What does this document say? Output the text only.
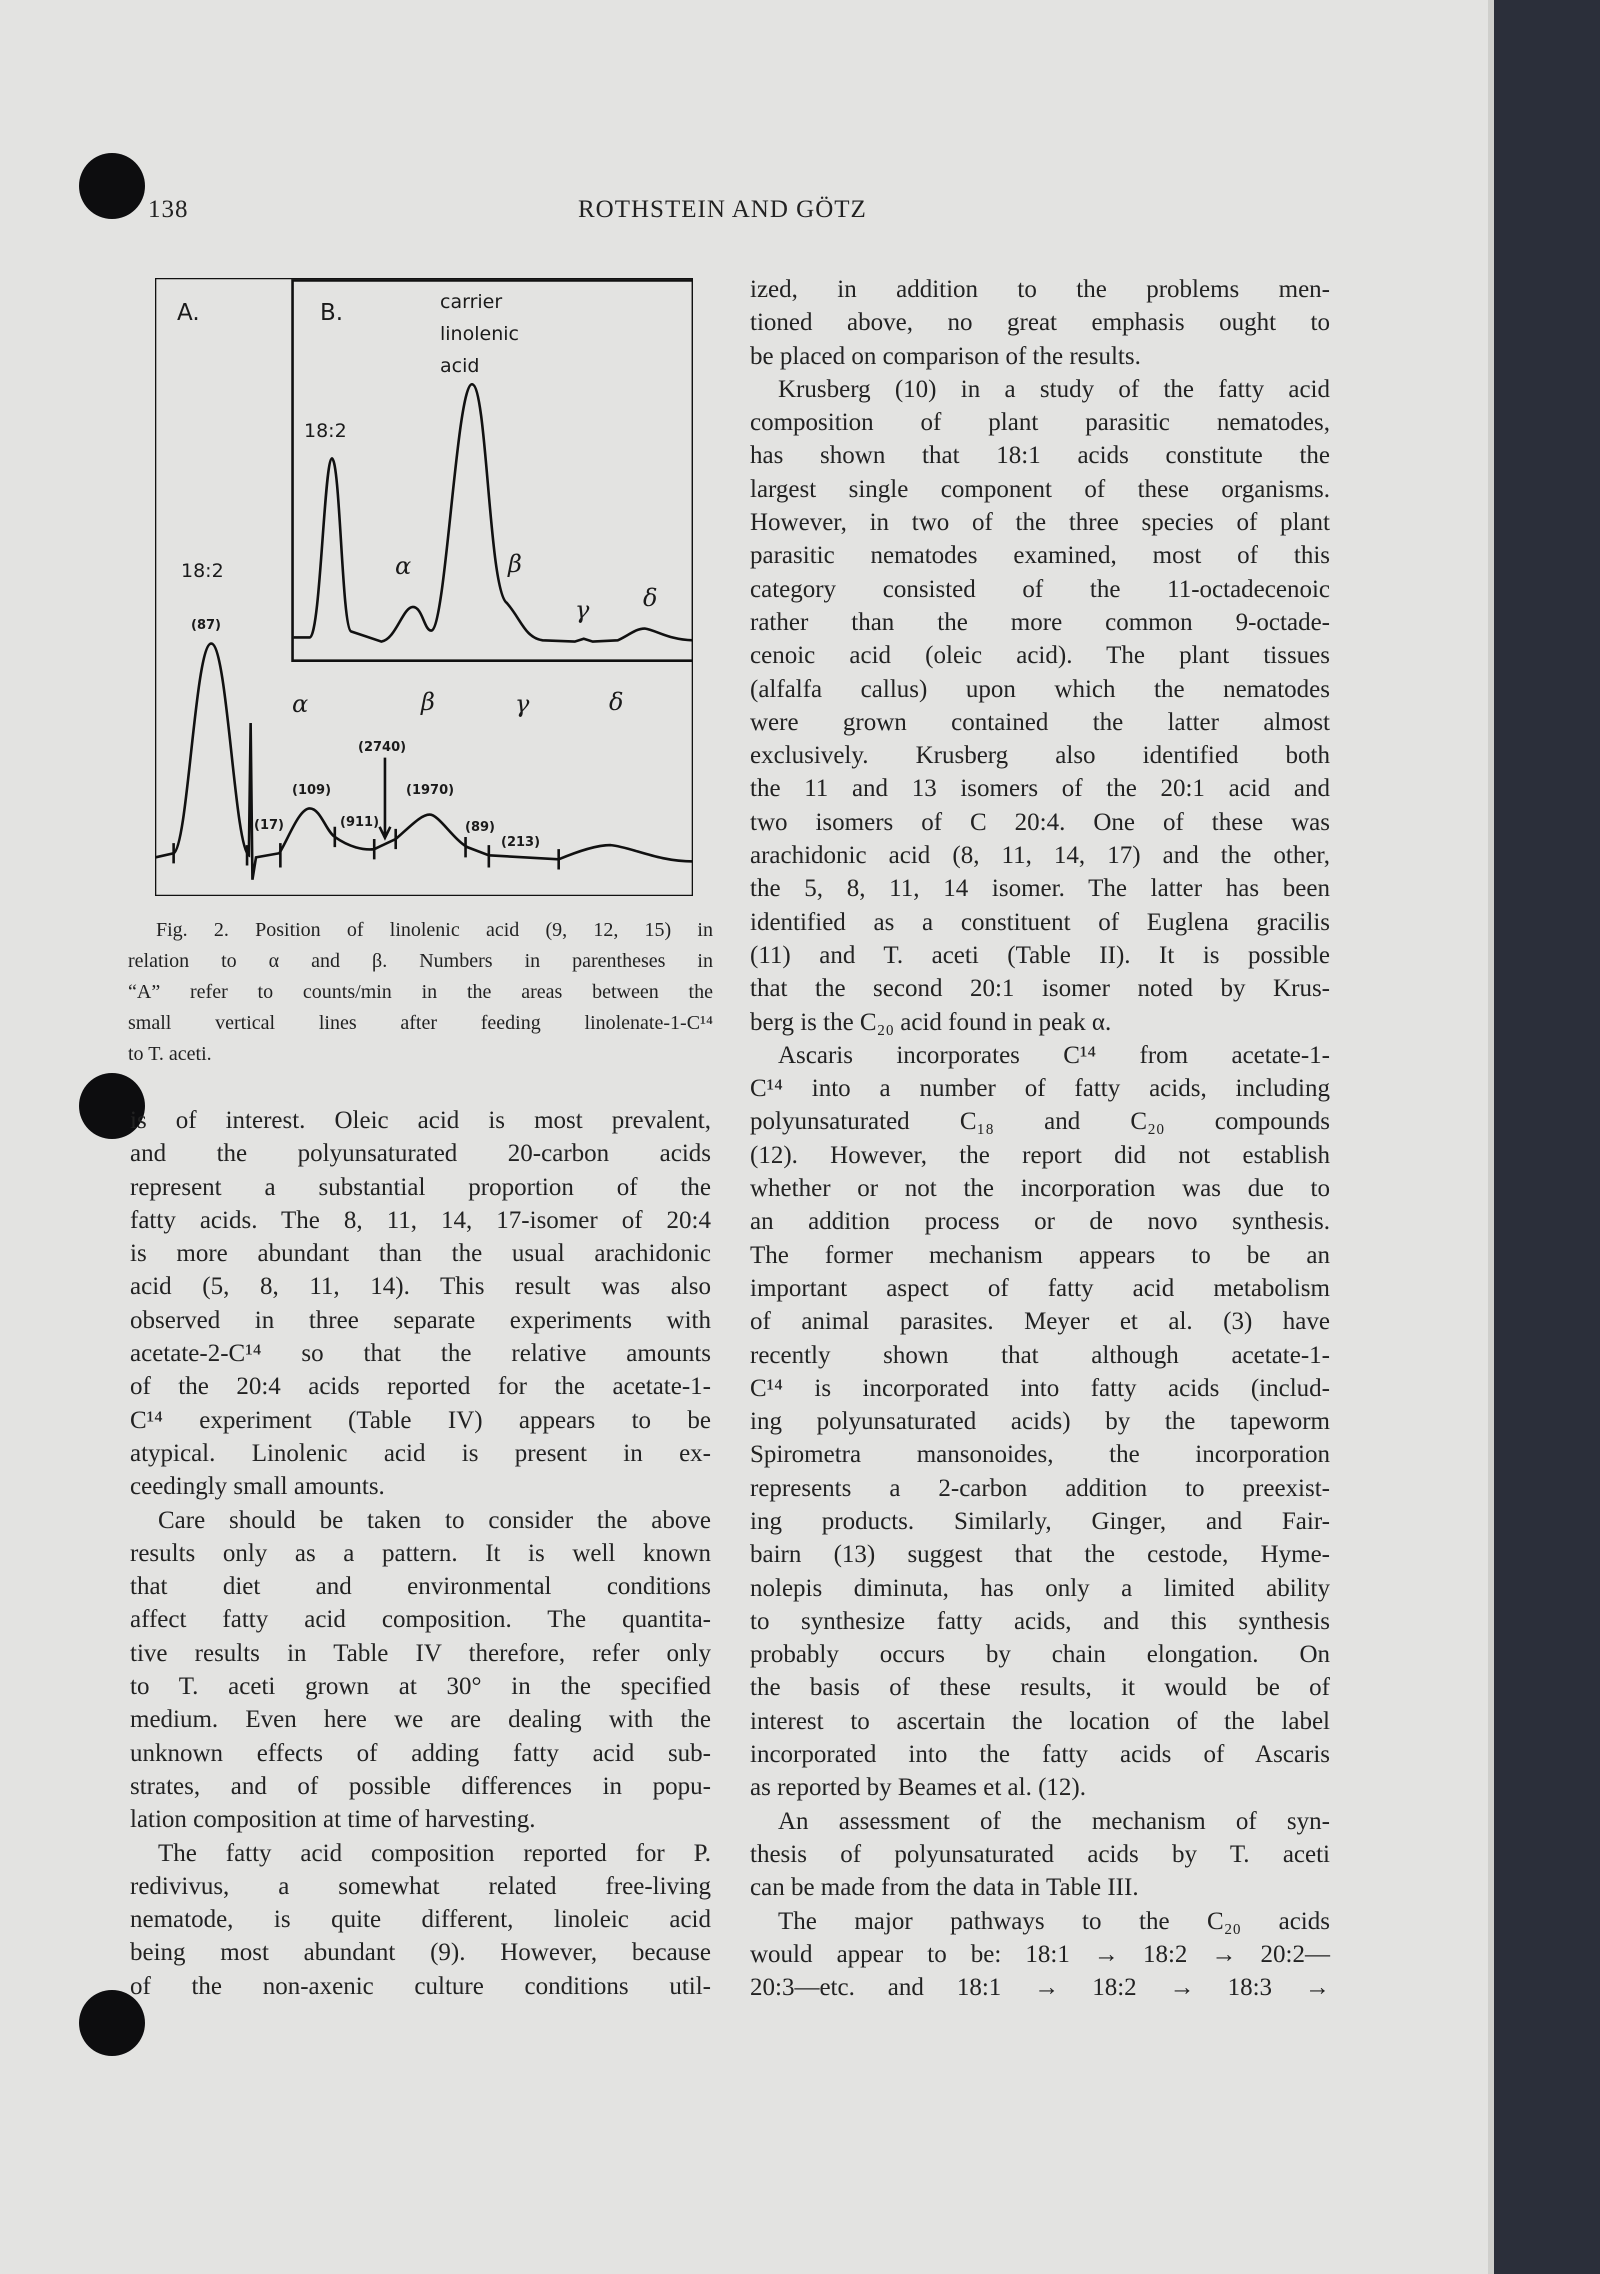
138	ROTHSTEIN AND GÖTZ
A.	B.	carrier
linolenic
acid
18:2
α	β
γ δ
18:2
(87)
α	β	γ	δ
(2740)
(109)	(1970)
(17)	(911)	(89)
(213)
Fig. 2. Position of linolenic acid (9, 12, 15) in
relation to α and β. Numbers in parentheses in
“A” refer to counts/min in the areas between the
small vertical lines after feeding linolenate-1-C¹⁴
to T. aceti.
is of interest. Oleic acid is most prevalent,
and the polyunsaturated 20-carbon acids
represent a substantial proportion of the
fatty acids. The 8, 11, 14, 17-isomer of 20:4
is more abundant than the usual arachidonic
acid (5, 8, 11, 14). This result was also
observed in three separate experiments with
acetate-2-C¹⁴ so that the relative amounts
of the 20:4 acids reported for the acetate-1-
C¹⁴ experiment (Table IV) appears to be
atypical. Linolenic acid is present in ex-
ceedingly small amounts.
Care should be taken to consider the above
results only as a pattern. It is well known
that diet and environmental conditions
affect fatty acid composition. The quantita-
tive results in Table IV therefore, refer only
to T. aceti grown at 30° in the specified
medium. Even here we are dealing with the
unknown effects of adding fatty acid sub-
strates, and of possible differences in popu-
lation composition at time of harvesting.
The fatty acid composition reported for P.
redivivus, a somewhat related free-living
nematode, is quite different, linoleic acid
being most abundant (9). However, because
of the non-axenic culture conditions util-
ized, in addition to the problems men-
tioned above, no great emphasis ought to
be placed on comparison of the results.
Krusberg (10) in a study of the fatty acid
composition of plant parasitic nematodes,
has shown that 18:1 acids constitute the
largest single component of these organisms.
However, in two of the three species of plant
parasitic nematodes examined, most of this
category consisted of the 11-octadecenoic
rather than the more common 9-octade-
cenoic acid (oleic acid). The plant tissues
(alfalfa callus) upon which the nematodes
were grown contained the latter almost
exclusively. Krusberg also identified both
the 11 and 13 isomers of the 20:1 acid and
two isomers of C 20:4. One of these was
arachidonic acid (8, 11, 14, 17) and the other,
the 5, 8, 11, 14 isomer. The latter has been
identified as a constituent of Euglena gracilis
(11) and T. aceti (Table II). It is possible
that the second 20:1 isomer noted by Krus-
berg is the C₂₀ acid found in peak α.
Ascaris incorporates C¹⁴ from acetate-1-
C¹⁴ into a number of fatty acids, including
polyunsaturated C₁₈ and C₂₀ compounds
(12). However, the report did not establish
whether or not the incorporation was due to
an addition process or de novo synthesis.
The former mechanism appears to be an
important aspect of fatty acid metabolism
of animal parasites. Meyer et al. (3) have
recently shown that although acetate-1-
C¹⁴ is incorporated into fatty acids (includ-
ing polyunsaturated acids) by the tapeworm
Spirometra mansonoides, the incorporation
represents a 2-carbon addition to preexist-
ing products. Similarly, Ginger, and Fair-
bairn (13) suggest that the cestode, Hyme-
nolepis diminuta, has only a limited ability
to synthesize fatty acids, and this synthesis
probably occurs by chain elongation. On
the basis of these results, it would be of
interest to ascertain the location of the label
incorporated into the fatty acids of Ascaris
as reported by Beames et al. (12).
An assessment of the mechanism of syn-
thesis of polyunsaturated acids by T. aceti
can be made from the data in Table III.
The major pathways to the C₂₀ acids
would appear to be: 18:1 → 18:2 → 20:2—
20:3—etc. and 18:1 → 18:2 → 18:3 →
